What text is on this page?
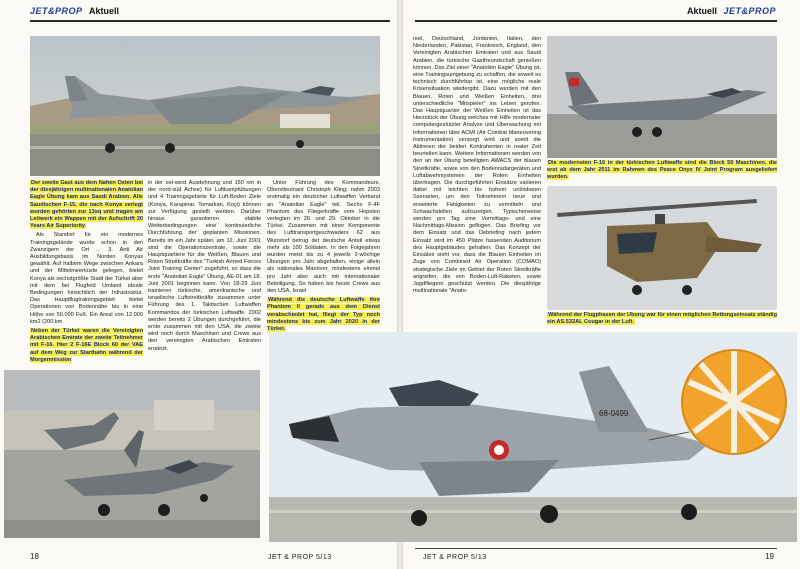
JET&PROP Aktuell

Der zweite Gast aus dem Nahen Osten bei der diesjährigen multinationalen Anatolian Eagle Übung kam aus Saudi Arabien. Alle Saudischen F-15, die nach Konya verlegt wurden gehörten zur 13sq und tragen am Leitwerk ein Wappen mit der Aufschrift 30 Years Air Superiority

Als Standort für ein modernes Trainingsgelände wurde schon in den Zwanzigern der Ort ... 3. Anti Air Ausbildungsbasis im Norden Konyas gewählt. Auf halbem Wege zwischen Ankara und der Mittelmeerküste gelegen, bietet Konya als sechstgrößte Stadt der Türkei aber mit dem bei Flugfeld Umland ideale Bedingungen hinsichtlich der Infrastruktur. Das Hauptflugtrainingsgebiet bietet Operationen von Bodennähe bis in eine Höhe von 50.000 Fuß. Ein Areal von 12.000 km2 (200 km

Neben der Türkei waren die Vereinigten Arabischen Emirate der zweite Teilnehmer mit F-16. Hier 2 F-16E Block 60 der VAE auf dem Weg zur Startbahn während der Morgenmission

in der ost-west Ausdehnung und 150 nm in der nord-süd Achse) für Luftkampfübungen und 4 Trainingsgebiete für Luft-Boden Ziele (Konya, Karapinar, Tomarkan, Koçi) können zur Verfügung gestellt werden. Darüber hinaus garantieren stabile Wetterbedingungen eine kontinuierliche Durchführung der geplanten Missionen. Bereits im ein Jahr später, am 12. Juni 2001 sind die Operationszentrale, sowie die Hauptquartiere für die Weißen, Blauen und Roten Streitkräfte des "Turkish Armed Forces Joint Training Center" zugeführt, so dass die erste "Anatolian Eagle" Übung, AE-01 am 18. Juni 2001 beginnen kann. Von 18-29 Juni trainieren türkische, amerikanische und israelische Luftstreitkräfte zusammen unter Führung des 1. Taktischen Luftwaffen Kommandos der türkischen Luftwaffe. 2002 werden bereits 2 Übungen durchgeführt, die erste zusammen mit den USA, die zweite wird noch durch Maschinen und Crews aus den vereinigten Arabischen Emiraten ergänzt.

Unter Führung des Kommandeurs, Oberstleutnant Christoph Kling, nahm 2003 erstmalig ein deutscher Luftwaffen Verband an "Anatolian Eagle" teil. Sechs F-4F Phantom des Fliegerkräfte vom Hopsten verlegten im 28. und 29. Oktober in die Türkei. Zusammen mit einer Komponente des Lufttransportgeschwaders 62 aus Wunstorf betrug der deutsche Anteil etwas mehr als 100 Soldaten. In den Folgejahren wurden meist bis zu 4 jeweils 2-wöchige Übungen pro Jahr abgehalten, einige allein als nationales Manöver, mindestens einmal pro Jahr aber auch mit internationaler Beteiligung. So haben bis heute Crews aus den USA, Israel

Während die deutsche Luftwaffe ihre Phantom II gerade aus dem Dienst verabschiedet hat, fliegt der Typ noch mindestens bis zum Jahr 2020 in der Türkei.

18	JET & PROP 5/13
Aktuell JET&PROP

reel, Deutschland, Jordanien, Italien, den Niederlanden, Pakistan, Frankreich, England, den Vereinigten Arabischen Emiraten und aus Saudi Arabien, die türkische Gastfreundschaft genießen können. Das Ziel einer "Anatolien Eagle" Übung ist, eine Trainingsumgebung zu schaffen, die soweit es technisch durchführbar ist, eine mögliche reale Krisensituation wiedergibt. Dazu werden mit den Blauen, Roten und Weißen Einheiten, drei unterschiedliche "Mitspieler" ins Leben gerufen. Das Hauptquartier der Weißen Einheiten ist das Herzstück der Übung welches mit Hilfe modernster computergestützter Analyse und Überwachung mit Informationen über ACMI (Air Combat Maneuvering Instrumentation) versorgt wird und somit die Aktionen der beiden Kontrahenten in realer Zeit beurteilen kann. Weitere Informationen werden von den an der Übung beteiligten AWACS der blauen Streitkräfte, sowie von den Bodenradargeräten und Luftabwehrsystemen der Roten Einheiten übertragen. Die durchgeführten Einsätze variieren dabei mit leichten bis hohem unlösbaren Szenarien, um den Teilnehmern neue und erweiterte Fähigkeiten zu vermitteln und Schwachstellen aufzuzeigen. Typischerweise werden pro Tag eine Vormittags- und eine Nachmittags-Mission geflogen. Das Briefing vor dem Einsatz und das Debriefing nach jedem Einsatz wird im 450 Plätze fassenden Auditorium des Hauptgebäudes gehalten. Das Konzept der Einsätze sieht vor, dass die Blauen Einheiten im Zuge von Combined Air Operation (COMAO) strategische Ziele im Gebiet der Roten Streitkräfte angreifen, die von Boden-Luft-Raketen, sowie Jagdfliegern geschützt werden. Die diesjährige multinationale "Anato-

Die modernsten F-16 in der türkischen Luftwaffe sind die Block 50 Maschinen, die erst ab dem Jahr 2011 im Rahmen des Peace Onyx IV Joint Program ausgeliefert wurden.
Während der Flugphasen der Übung war für einen möglichen Rettungseinsatz ständig ein AS.532AL Cougar in der Luft.
68-0499
JET & PROP 5/13	19
